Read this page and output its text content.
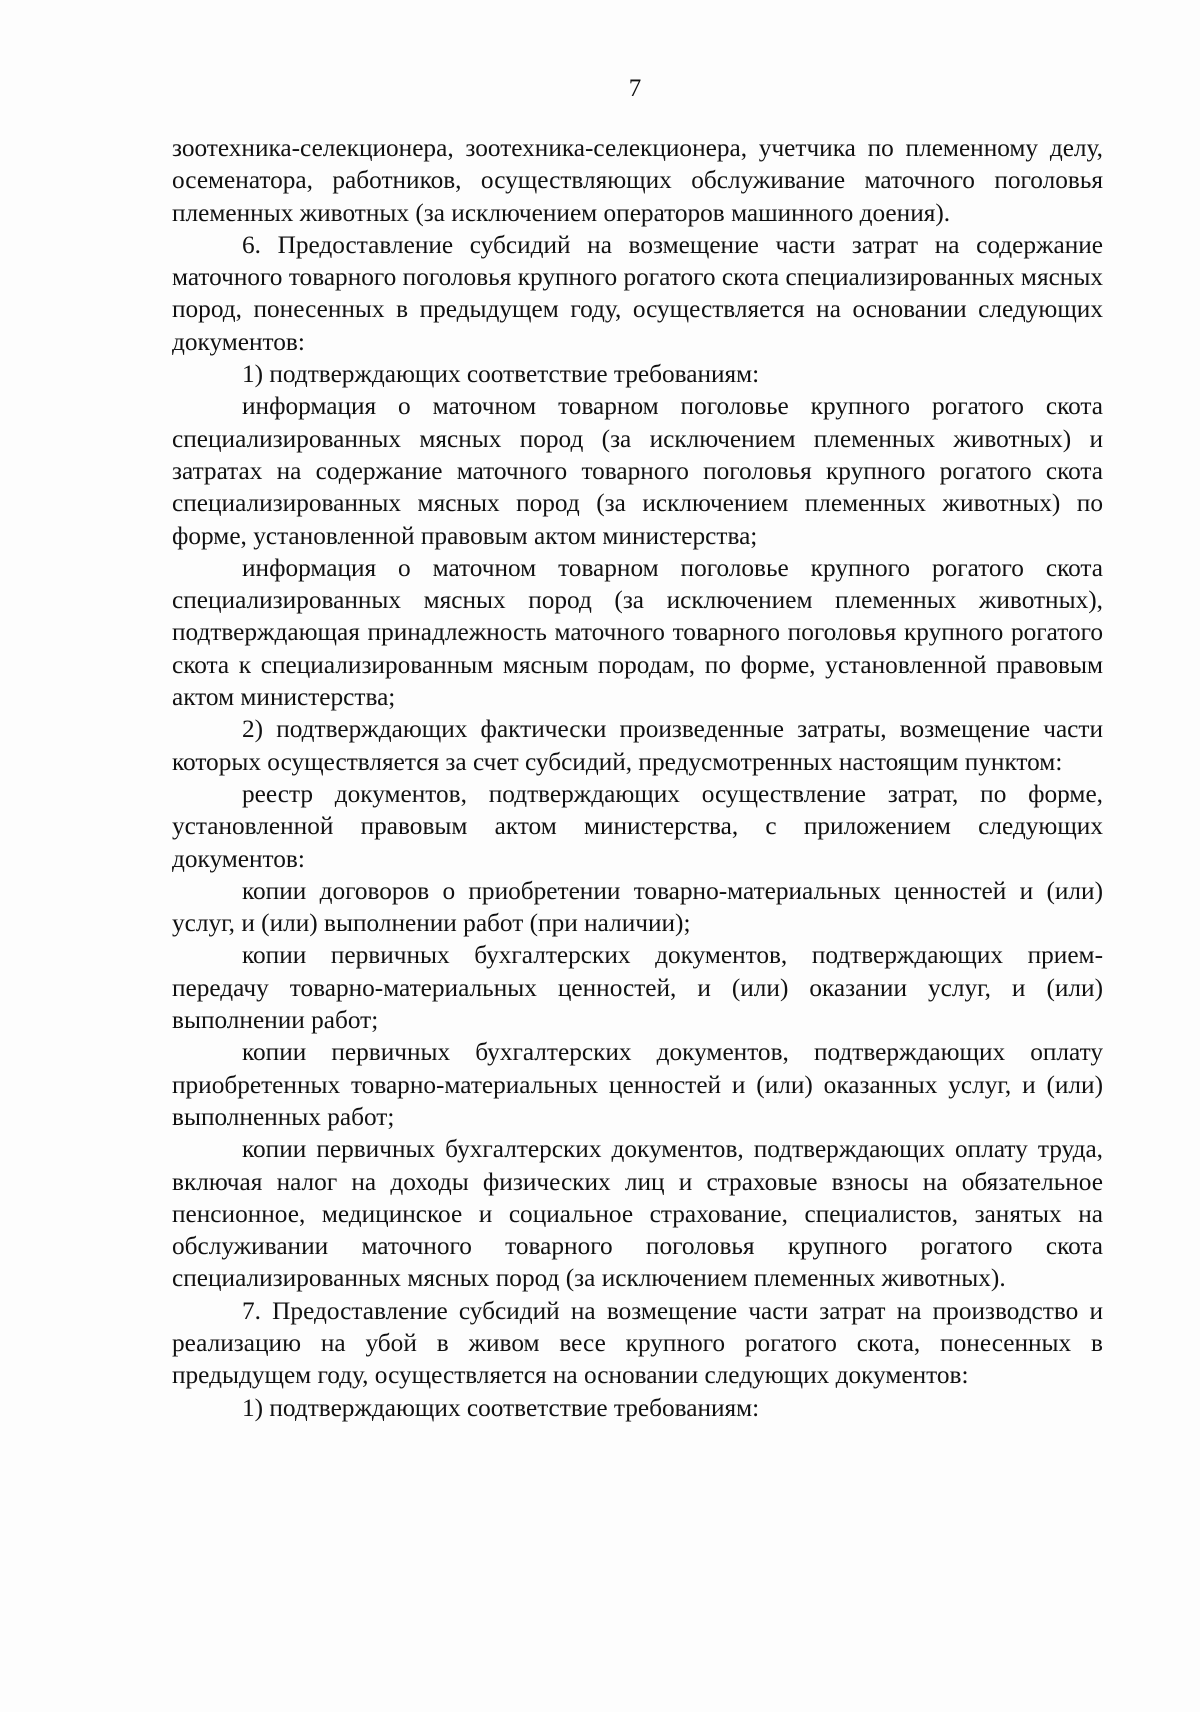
7

зоотехника-селекционера, зоотехника-селекционера, учетчика по племенному делу, осеменатора, работников, осуществляющих обслуживание маточного поголовья племенных животных (за исключением операторов машинного доения).

6. Предоставление субсидий на возмещение части затрат на содержание маточного товарного поголовья крупного рогатого скота специализированных мясных пород, понесенных в предыдущем году, осуществляется на основании следующих документов:

1) подтверждающих соответствие требованиям:

информация о маточном товарном поголовье крупного рогатого скота специализированных мясных пород (за исключением племенных животных) и затратах на содержание маточного товарного поголовья крупного рогатого скота специализированных мясных пород (за исключением племенных животных) по форме, установленной правовым актом министерства;

информация о маточном товарном поголовье крупного рогатого скота специализированных мясных пород (за исключением племенных животных), подтверждающая принадлежность маточного товарного поголовья крупного рогатого скота к специализированным мясным породам, по форме, установленной правовым актом министерства;

2) подтверждающих фактически произведенные затраты, возмещение части которых осуществляется за счет субсидий, предусмотренных настоящим пунктом:

реестр документов, подтверждающих осуществление затрат, по форме, установленной правовым актом министерства, с приложением следующих документов:

копии договоров о приобретении товарно-материальных ценностей и (или) услуг, и (или) выполнении работ (при наличии);

копии первичных бухгалтерских документов, подтверждающих прием-передачу товарно-материальных ценностей, и (или) оказании услуг, и (или) выполнении работ;

копии первичных бухгалтерских документов, подтверждающих оплату приобретенных товарно-материальных ценностей и (или) оказанных услуг, и (или) выполненных работ;

копии первичных бухгалтерских документов, подтверждающих оплату труда, включая налог на доходы физических лиц и страховые взносы на обязательное пенсионное, медицинское и социальное страхование, специалистов, занятых на обслуживании маточного товарного поголовья крупного рогатого скота специализированных мясных пород (за исключением племенных животных).

7. Предоставление субсидий на возмещение части затрат на производство и реализацию на убой в живом весе крупного рогатого скота, понесенных в предыдущем году, осуществляется на основании следующих документов:

1) подтверждающих соответствие требованиям:
